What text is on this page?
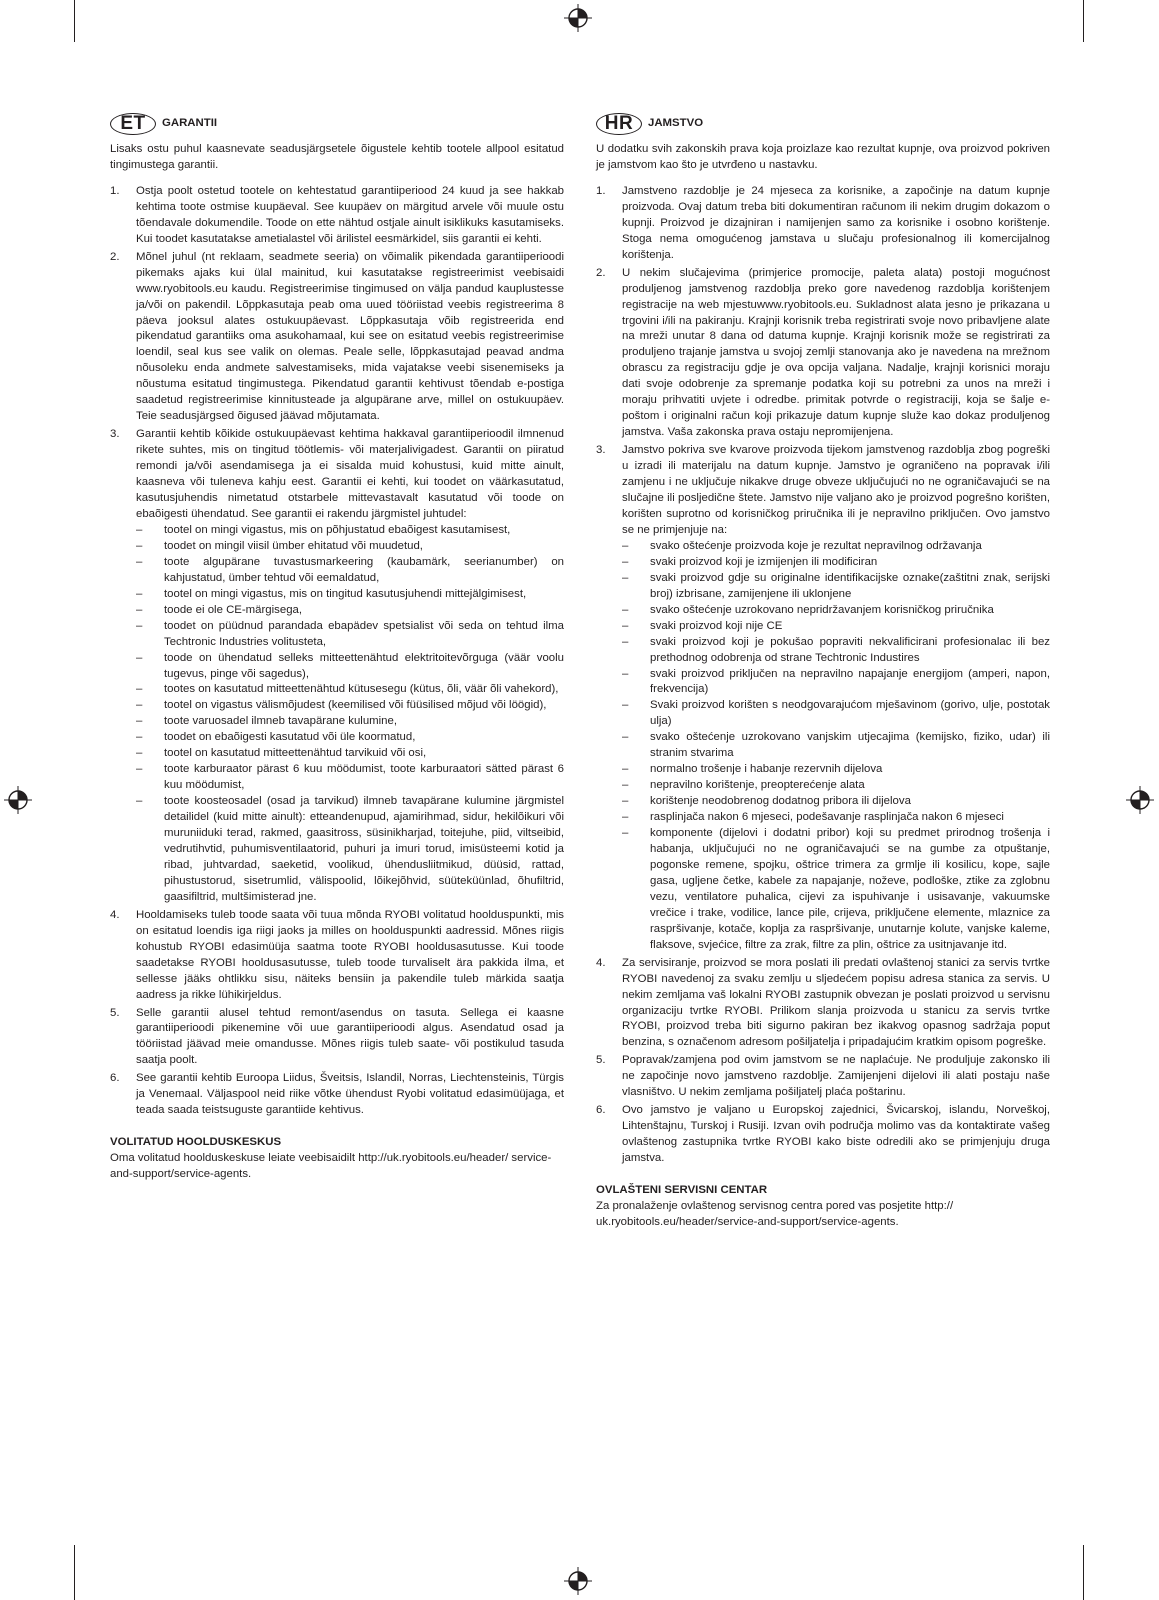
ET	GARANTII

Lisaks ostu puhul kaasnevate seadusjärgsetele õigustele kehtib tootele allpool esitatud tingimustega garantii.

1. Ostja poolt ostetud tootele on kehtestatud garantiiperiood 24 kuud ja see hakkab kehtima toote ostmise kuupäeval. See kuupäev on märgitud arvele või muule ostu tõendavale dokumendile. Toode on ette nähtud ostjale ainult isiklikuks kasutamiseks. Kui toodet kasutatakse ametialastel või ärilistel eesmärkidel, siis garantii ei kehti.
2. Mõnel juhul (nt reklaam, seadmete seeria) on võimalik pikendada garantiiperioodi pikemaks ajaks kui ülal mainitud, kui kasutatakse registreerimist veebisaidi www.ryobitools.eu kaudu. Registreerimise tingimused on välja pandud kauplustesse ja/või on pakendil. Lõppkasutaja peab oma uued tööriistad veebis registreerima 8 päeva jooksul alates ostukuupäevast. Lõppkasutaja võib registreerida end pikendatud garantiiks oma asukohamaal, kui see on esitatud veebis registreerimise loendil, seal kus see valik on olemas. Peale selle, lõppkasutajad peavad andma nõusoleku enda andmete salvestamiseks, mida vajatakse veebi sisenemiseks ja nõustuma esitatud tingimustega. Pikendatud garantii kehtivust tõendab e-postiga saadetud registreerimise kinnitusteade ja algupärane arve, millel on ostukuupäev. Teie seadusjärgsed õigused jäävad mõjutamata.
3. Garantii kehtib kõikide ostukuupäevast kehtima hakkaval garantiiperioodil ilmnenud rikete suhtes, mis on tingitud töötlemis- või materjalivigadest. Garantii on piiratud remondi ja/või asendamisega ja ei sisalda muid kohustusi, kuid mitte ainult, kaasneva või tuleneva kahju eest. Garantii ei kehti, kui toodet on väärkasutatud, kasutusjuhendis nimetatud otstarbele mittevastavalt kasutatud või toode on ebaõigesti ühendatud. See garantii ei rakendu järgmistel juhtudel:
– tootel on mingi vigastus, mis on põhjustatud ebaõigest kasutamisest,
– toodet on mingil viisil ümber ehitatud või muudetud,
– toote algupärane tuvastusmarkeering (kaubamärk, seerianumber) on kahjustatud, ümber tehtud või eemaldatud,
– tootel on mingi vigastus, mis on tingitud kasutusjuhendi mittejälgimisest,
– toode ei ole CE-märgisega,
– toodet on püüdnud parandada ebapädev spetsialist või seda on tehtud ilma Techtronic Industries volitusteta,
– toode on ühendatud selleks mitteettenähtud elektritoitevõrguga (väär voolu tugevus, pinge või sagedus),
– tootes on kasutatud mitteettenähtud kütusesegu (kütus, õli, väär õli vahekord),
– tootel on vigastus välismõjudest (keemilised või füüsilised mõjud või löögid),
– toote varuosadel ilmneb tavapärane kulumine,
– toodet on ebaõigesti kasutatud või üle koormatud,
– tootel on kasutatud mitteettenähtud tarvikuid või osi,
– toote karburaator pärast 6 kuu möödumist, toote karburaatori sätted pärast 6 kuu möödumist,
– toote koosteosadel (osad ja tarvikud) ilmneb tavapärane kulumine järgmistel detailidel (kuid mitte ainult): etteandenupud, ajamirihmad, sidur, hekilõikuri või muruniiduki terad, rakmed, gaasitross, süsinikharjad, toitejuhe, piid, viltseibid, vedrutihvtid, puhumisventilaatorid, puhuri ja imuri torud, imisüsteemi kotid ja ribad, juhtvardad, saeketid, voolikud, ühendusliitmikud, düüsid, rattad, pihustustorud, sisetrumlid, välispoolid, lõikejõhvid, süüteküünlad, õhufiltrid, gaasifiltrid, multšimisterad jne.
4. Hooldamiseks tuleb toode saata või tuua mõnda RYOBI volitatud hoolduspunkti, mis on esitatud loendis iga riigi jaoks ja milles on hoolduspunkti aadressid. Mõnes riigis kohustub RYOBI edasimüüja saatma toote RYOBI hooldusasutusse. Kui toode saadetakse RYOBI hooldusasutusse, tuleb toode turvaliselt ära pakkida ilma, et sellesse jääks ohtlikku sisu, näiteks bensiin ja pakendile tuleb märkida saatja aadress ja rikke lühikirjeldus.
5. Selle garantii alusel tehtud remont/asendus on tasuta. Sellega ei kaasne garantiiperioodi pikenemine või uue garantiiperioodi algus. Asendatud osad ja tööriistad jäävad meie omandusse. Mõnes riigis tuleb saate- või postikulud tasuda saatja poolt.
6. See garantii kehtib Euroopa Liidus, Šveitsis, Islandil, Norras, Liechtensteinis, Türgis ja Venemaal. Väljaspool neid riike võtke ühendust Ryobi volitatud edasimüüjaga, et teada saada teistsuguste garantiide kehtivus.
VOLITATUD HOOLDUSKESKUS

Oma volitatud hoolduskeskuse leiate veebisaidilt http://uk.ryobitools.eu/header/ service-and-support/service-agents.

HR	JAMSTVO

U dodatku svih zakonskih prava koja proizlaze kao rezultat kupnje, ova proizvod pokriven je jamstvom kao što je utvrđeno u nastavku.

1. Jamstveno razdoblje je 24 mjeseca za korisnike, a započinje na datum kupnje proizvoda. Ovaj datum treba biti dokumentiran računom ili nekim drugim dokazom o kupnji. Proizvod je dizajniran i namijenjen samo za korisnike i osobno korištenje. Stoga nema omogućenog jamstava u slučaju profesionalnog ili komercijalnog korištenja.
2. U nekim slučajevima (primjerice promocije, paleta alata) postoji mogućnost produljenog jamstvenog razdoblja preko gore navedenog razdoblja korištenjem registracije na web mjestuwww.ryobitools.eu. Sukladnost alata jesno je prikazana u trgovini i/ili na pakiranju. Krajnji korisnik treba registrirati svoje novo pribavljene alate na mreži unutar 8 dana od datuma kupnje. Krajnji korisnik može se registrirati za produljeno trajanje jamstva u svojoj zemlji stanovanja ako je navedena na mrežnom obrascu za registraciju gdje je ova opcija valjana. Nadalje, krajnji korisnici moraju dati svoje odobrenje za spremanje podatka koji su potrebni za unos na mreži i moraju prihvatiti uvjete i odredbe. primitak potvrde o registraciji, koja se šalje e-poštom i originalni račun koji prikazuje datum kupnje služe kao dokaz produljenog jamstva. Vaša zakonska prava ostaju nepromijenjena.
3. Jamstvo pokriva sve kvarove proizvoda tijekom jamstvenog razdoblja zbog pogreški u izradi ili materijalu na datum kupnje. Jamstvo je ograničeno na popravak i/ili zamjenu i ne uključuje nikakve druge obveze uključujući no ne ograničavajući se na slučajne ili posljedične štete. Jamstvo nije valjano ako je proizvod pogrešno korišten, korišten suprotno od korisničkog priručnika ili je nepravilno priključen. Ovo jamstvo se ne primjenjuje na:
– svako oštećenje proizvoda koje je rezultat nepravilnog održavanja
– svaki proizvod koji je izmijenjen ili modificiran
– svaki proizvod gdje su originalne identifikacijske oznake(zaštitni znak, serijski broj) izbrisane, zamijenjene ili uklonjene
– svako oštećenje uzrokovano nepridržavanjem korisničkog priručnika
– svaki proizvod koji nije CE
– svaki proizvod koji je pokušao popraviti nekvalificirani profesionalac ili bez prethodnog odobrenja od strane Techtronic Industires
– svaki proizvod priključen na nepravilno napajanje energijom (amperi, napon, frekvencija)
– Svaki proizvod korišten s neodgovarajućom mješavinom (gorivo, ulje, postotak ulja)
– svako oštećenje uzrokovano vanjskim utjecajima (kemijsko, fiziko, udar) ili stranim stvarima
– normalno trošenje i habanje rezervnih dijelova
– nepravilno korištenje, preopterećenje alata
– korištenje neodobrenog dodatnog pribora ili dijelova
– rasplinjača nakon 6 mjeseci, podešavanje rasplinjača nakon 6 mjeseci
– komponente (dijelovi i dodatni pribor) koji su predmet prirodnog trošenja i habanja, uključujući no ne ograničavajući se na gumbe za otpuštanje, pogonske remene, spojku, oštrice trimera za grmlje ili kosilicu, kope, sajle gasa, ugljene četke, kabele za napajanje, noževe, podloške, ztike za zglobnu vezu, ventilatore puhalica, cijevi za ispuhivanje i usisavanje, vakuumske vrečice i trake, vodilice, lance pile, crijeva, priključene elemente, mlaznice za raspršivanje, kotače, koplja za raspršivanje, unutarnje kolute, vanjske kaleme, flaksove, svjećice, filtre za zrak, filtre za plin, oštrice za usitnjavanje itd.
4. Za servisiranje, proizvod se mora poslati ili predati ovlaštenoj stanici za servis tvrtke RYOBI navedenoj za svaku zemlju u sljedećem popisu adresa stanica za servis. U nekim zemljama vaš lokalni RYOBI zastupnik obvezan je poslati proizvod u servisnu organizaciju tvrtke RYOBI. Prilikom slanja proizvoda u stanicu za servis tvrtke RYOBI, proizvod treba biti sigurno pakiran bez ikakvog opasnog sadržaja poput benzina, s označenom adresom pošiljatelja i pripadajućim kratkim opisom pogreške.
5. Popravak/zamjena pod ovim jamstvom se ne naplaćuje. Ne produljuje zakonsko ili ne započinje novo jamstveno razdoblje. Zamijenjeni dijelovi ili alati postaju naše vlasništvo. U nekim zemljama pošiljatelj plaća poštarinu.
6. Ovo jamstvo je valjano u Europskoj zajednici, Švicarskoj, islandu, Norveškoj, Lihtenštajnu, Turskoj i Rusiji. Izvan ovih područja molimo vas da kontaktirate vašeg ovlaštenog zastupnika tvrtke RYOBI kako biste odredili ako se primjenjuju druga jamstva.
OVLAŠTENI SERVISNI CENTAR

Za pronalaženje ovlaštenog servisnog centra pored vas posjetite http:// uk.ryobitools.eu/header/service-and-support/service-agents.
